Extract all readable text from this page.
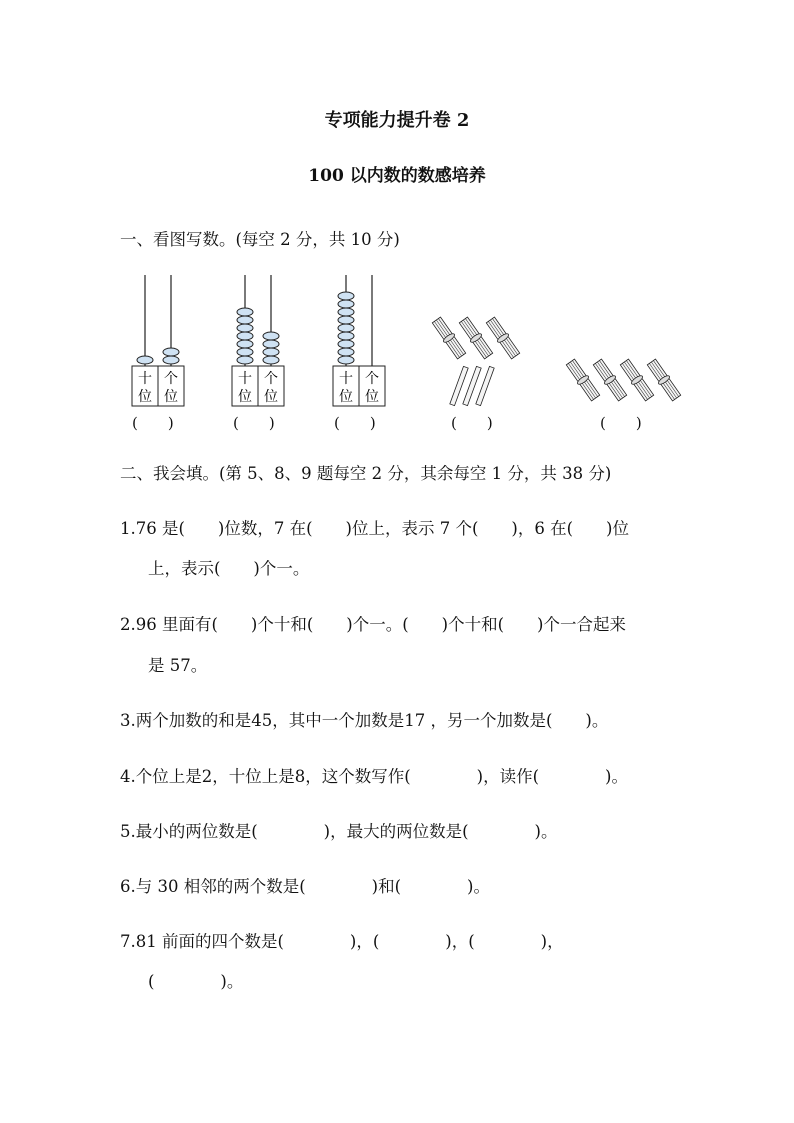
专项能力提升卷 2
100 以内数的数感培养
一、看图写数。(每空 2 分，共 10 分)
十
位
个
位
十
位
个
位
十
位
个
位
(　　)	(　　)	(　　)	(　　)	(　　)
二、我会填。(第 5、8、9 题每空 2 分，其余每空 1 分，共 38 分)
1.76 是(　　)位数，7 在(　　)位上，表示 7 个(　　)，6 在(　　)位
上，表示(　　)个一。
2.96 里面有(　　)个十和(　　)个一。(　　)个十和(　　)个一合起来
是 57。
3.两个加数的和是45，其中一个加数是17 ，另一个加数是(　　)。
4.个位上是2，十位上是8，这个数写作(　　　　)，读作(　　　　)。
5.最小的两位数是(　　　　)，最大的两位数是(　　　　)。
6.与 30 相邻的两个数是(　　　　)和(　　　　)。
7.81 前面的四个数是(　　　　)，(　　　　)，(　　　　)，
(　　　　)。
